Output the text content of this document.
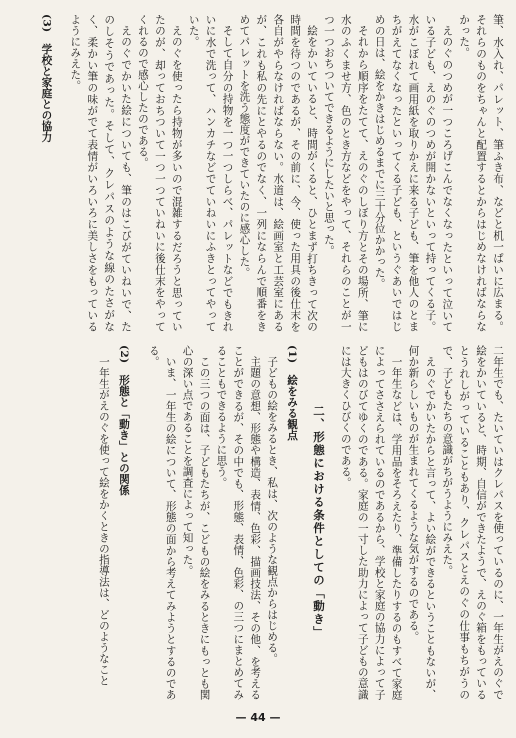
筆、水入れ、パレット、筆ふき布、などと机一ぱいに広まる。それらのものをちゃんと配置するとからはじめなければならなかった。

えのぐのつめが一つころげこんでなくなったといって泣いている子ども、えのぐのつめが開かないといって持ってくる子。水がこぼれて画用紙を取りかえに来る子ども、筆を他人のとまちがえてなくなったといってくる子ども、というぐあいではじめの日は、絵をかきはじめるまでに三十分位かかった。

それから順序をたてて、えのぐのしぼり方とその場所、筆に水のふくませ方、色のとき方などをやって、それらのことが一つ一つおちついてできるようにしたいと思った。

絵をかいていると、時間がくると、ひとまず打ちきって次の時間を待つのであるが、その前に、今、使った用具の後仕末を各自がやらなければならない。水道は、絵画室と工芸室にあるが、これも私の先にとやるのでなく、一列にならんで順番をきめてパレットを洗う態度ができていたのに感心した。

そして自分の持物を一つ一つしらべ、パレットなどでもきれいに水で洗って、ハンカチなどでていねいにふきとってやっていた。

えのぐを使ったら持物が多いので混雑するだろうと思っていたのが、却っておちついて一つ一つていねいに後仕末をやってくれるので感心したのである。

えのぐでかいた絵についても、筆のはこびがていねいで、たのしそうであった。そして、クレパスのような線のたさがなく、柔かい筆の味がでて表情がいろいろに美しさをもっているようにみえた。

(3)　学校と家庭との協力

二年生でも、たいていはクレパスを使っているのに、一年生がえのぐで絵をかいていると、時期、自信ができたようで、えのぐ箱をもっているとうれしがっていることもあり、クレパスとえのぐの仕事もちがうので、子どもたちの意識がちがうようにみえた。

えのぐでかいたからと言って、よい絵ができるということもないが、何か新らしいものが生まれてくるような気がするのである。

一年生などは、学用品をそろえたり、準備したりするのもすべて家庭によってささえられているのであるから、学校と家庭の協力によって子どもはのびてゆくのである。家庭の一寸した助力によって子どもの意識には大きくひびくのである。

二、形態における条件としての「動き」
(1)　絵をみる観点

子どもの絵をみるとき、私は、次のような観点からはじめる。

主題の意想、形態や構造、表情、色彩、描画技法、その他、を考えることができるが、その中でも、形態、表情、色彩、の三つにまとめてみることもできるように思う。

この三つの面は、子どもたちが、こどもの絵をみるときにもっとも関心の深い点であることを調査によって知った。

いま、一年生の絵について、形態の面から考えてみようとするのである。

(2)　形態と「動き」との関係

一年生がえのぐを使って絵をかくときの指導法は、どのようなこと

— 44 —
